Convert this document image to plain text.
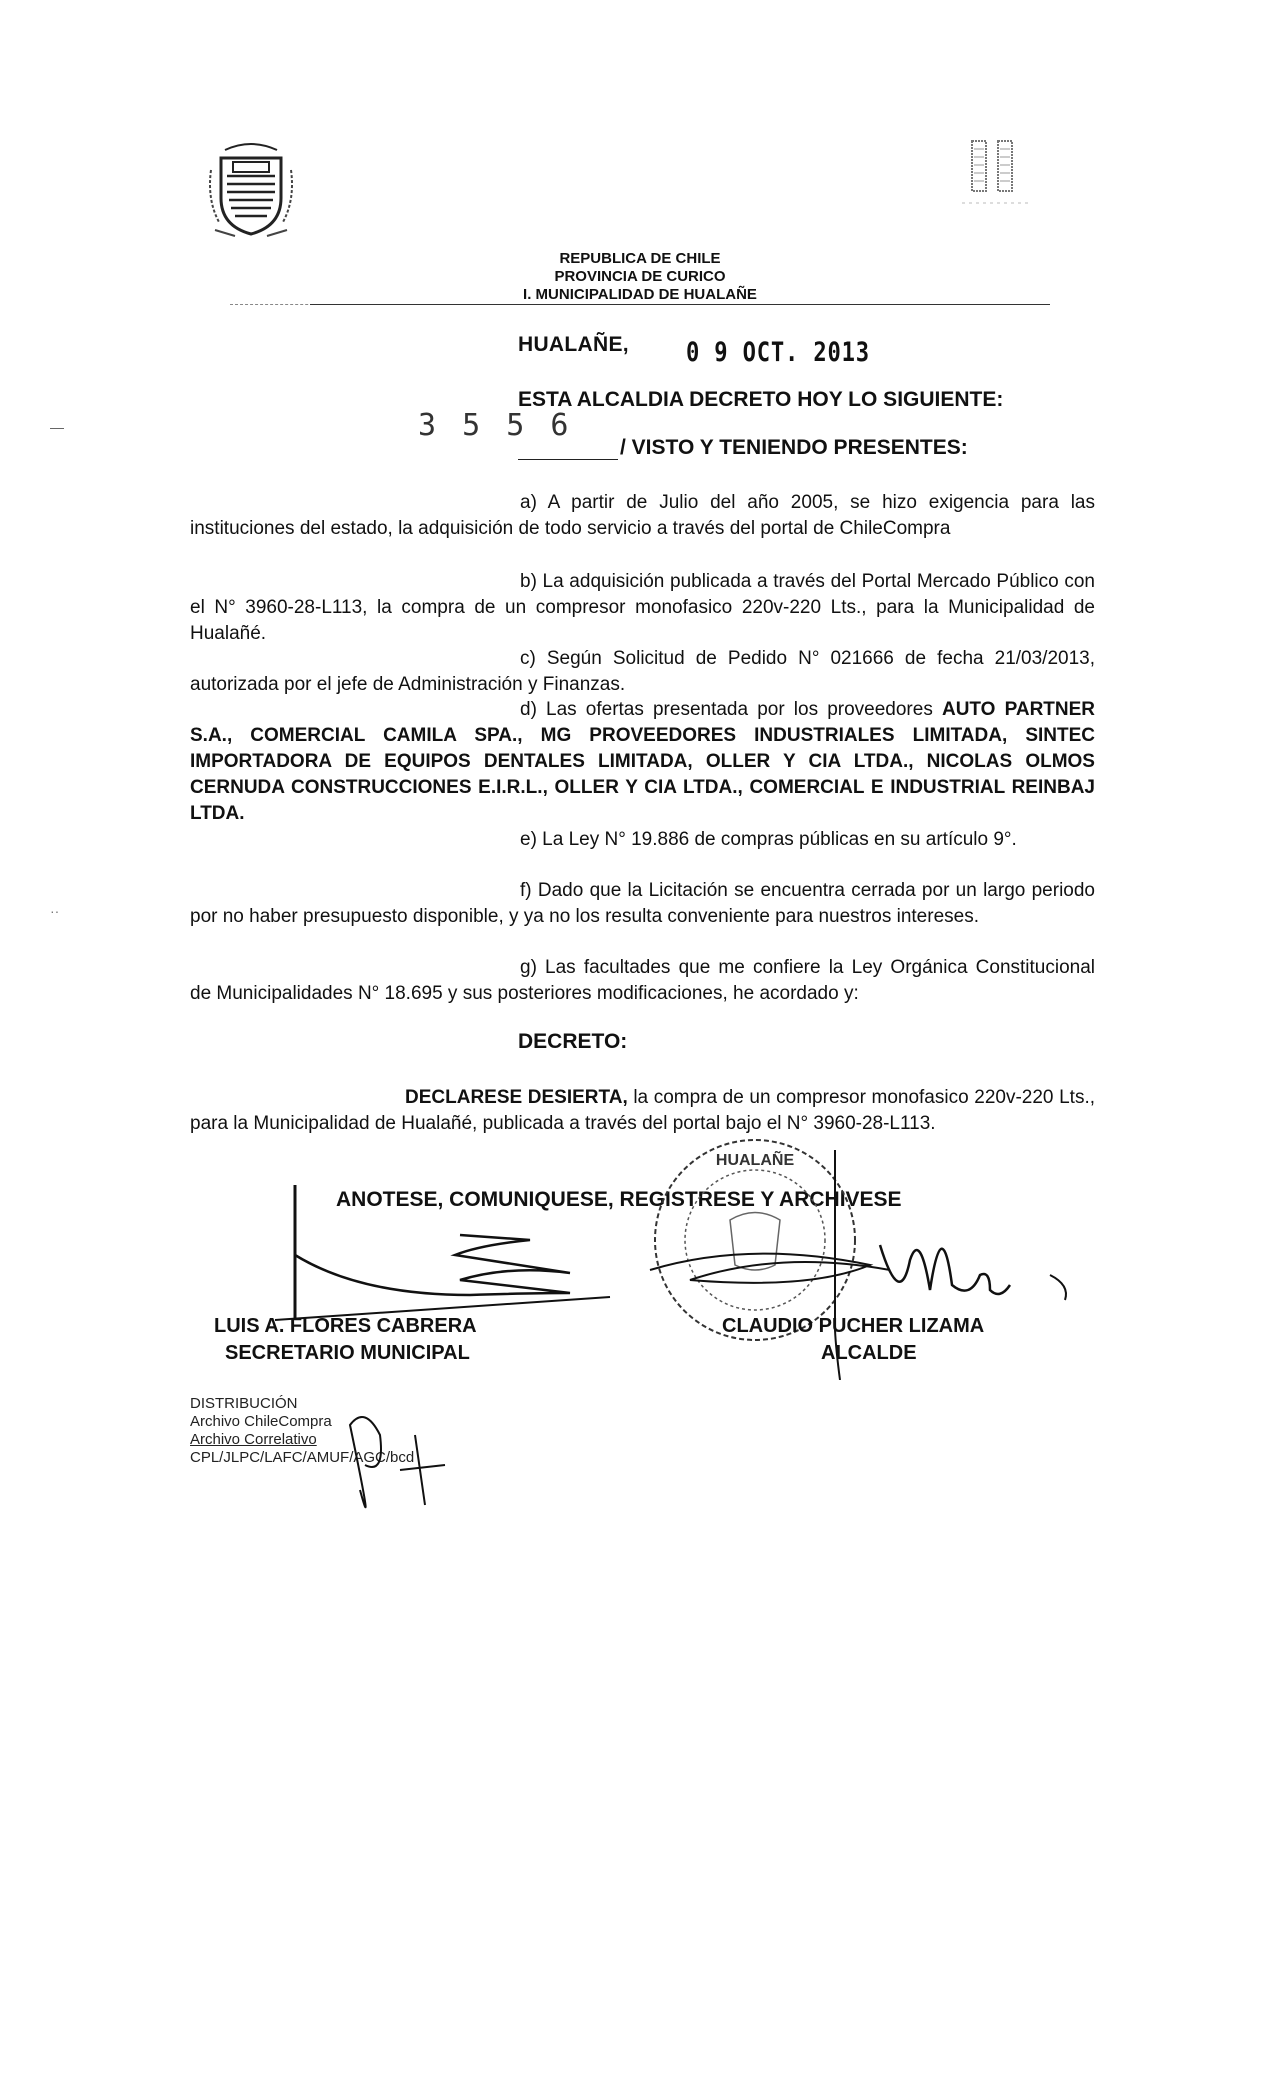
REPUBLICA DE CHILE
PROVINCIA DE CURICO
I. MUNICIPALIDAD DE HUALAÑE
HUALAÑE, 0 9 OCT. 2013
··
ESTA ALCALDIA DECRETO HOY LO SIGUIENTE:
3 5 5 6
/ VISTO Y TENIENDO PRESENTES:
a) A partir de Julio del año 2005, se hizo exigencia para las instituciones del estado, la adquisición de todo servicio a través del portal de ChileCompra
b) La adquisición publicada a través del Portal Mercado Público con el N° 3960-28-L113, la compra de un compresor monofasico 220v-220 Lts., para la Municipalidad de Hualañé.
c) Según Solicitud de Pedido N° 021666 de fecha 21/03/2013, autorizada por el jefe de Administración y Finanzas.
d) Las ofertas presentada por los proveedores AUTO PARTNER S.A., COMERCIAL CAMILA SPA., MG PROVEEDORES INDUSTRIALES LIMITADA, SINTEC IMPORTADORA DE EQUIPOS DENTALES LIMITADA, OLLER Y CIA LTDA., NICOLAS OLMOS CERNUDA CONSTRUCCIONES E.I.R.L., OLLER Y CIA LTDA., COMERCIAL E INDUSTRIAL REINBAJ LTDA.
e) La Ley N° 19.886 de compras públicas en su artículo 9°.
f) Dado que la Licitación se encuentra cerrada por un largo periodo por no haber presupuesto disponible, y ya no los resulta conveniente para nuestros intereses.
g) Las facultades que me confiere la Ley Orgánica Constitucional de Municipalidades N° 18.695 y sus posteriores modificaciones, he acordado y:
DECRETO:
DECLARESE DESIERTA, la compra de un compresor monofasico 220v-220 Lts., para la Municipalidad de Hualañé, publicada a través del portal bajo el N° 3960-28-L113.
ANOTESE, COMUNIQUESE, REGISTRESE Y ARCHIVESE
HUALAÑE
LUIS A. FLORES CABRERA
SECRETARIO MUNICIPAL
CLAUDIO PUCHER LIZAMA
ALCALDE
DISTRIBUCIÓN
Archivo ChileCompra
Archivo Correlativo
CPL/JLPC/LAFC/AMUF/AGC/bcd
